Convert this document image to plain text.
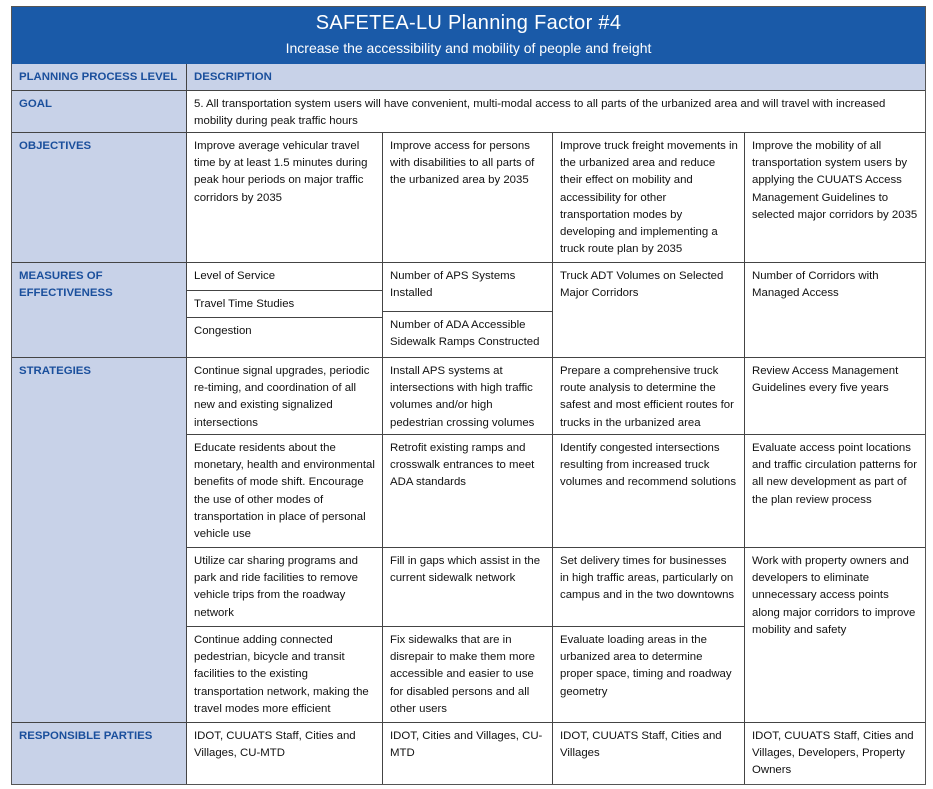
SAFETEA-LU Planning Factor #4
Increase the accessibility and mobility of people and freight
PLANNING PROCESS LEVEL	DESCRIPTION
GOAL
OBJECTIVES
MEASURES OF EFFECTIVENESS
STRATEGIES
RESPONSIBLE PARTIES
5. All transportation system users will have convenient, multi-modal access to all parts of the urbanized area and will travel with increased mobility during peak traffic hours
Improve average vehicular travel time by at least 1.5 minutes during peak hour periods on major traffic corridors by 2035
Improve access for persons with disabilities to all parts of the urbanized area by 2035
Improve truck freight movements in the urbanized area and reduce their effect on mobility and accessibility for other transportation modes by developing and implementing a truck route plan by 2035
Improve the mobility of all transportation system users by applying the CUUATS Access Management Guidelines to selected major corridors by 2035
Level of Service
Travel Time Studies
Congestion
Number of APS Systems Installed
Number of ADA Accessible Sidewalk Ramps Constructed
Truck ADT Volumes on Selected Major Corridors
Number of Corridors with Managed Access
Continue signal upgrades, periodic re-timing, and coordination of all new and existing signalized intersections
Educate residents about the monetary, health and environmental benefits of mode shift. Encourage the use of other modes of transportation in place of personal vehicle use
Utilize car sharing programs and park and ride facilities to remove vehicle trips from the roadway network
Continue adding connected pedestrian, bicycle and transit facilities to the existing transportation network, making the travel modes more efficient
Install APS systems at intersections with high traffic volumes and/or high pedestrian crossing volumes
Retrofit existing ramps and crosswalk entrances to meet ADA standards
Fill in gaps which assist in the current sidewalk network
Fix sidewalks that are in disrepair to make them more accessible and easier to use for disabled persons and all other users
Prepare a comprehensive truck route analysis to determine the safest and most efficient routes for trucks in the urbanized area
Identify congested intersections resulting from increased truck volumes and recommend solutions
Set delivery times for businesses in high traffic areas, particularly on campus and in the two downtowns
Evaluate loading areas in the urbanized area to determine proper space, timing and roadway geometry
Review Access Management Guidelines every five years
Evaluate access point locations and traffic circulation patterns for all new development as part of the plan review process
Work with property owners and developers to eliminate unnecessary access points along major corridors to improve mobility and safety
IDOT, CUUATS Staff, Cities and Villages, CU-MTD
IDOT, Cities and Villages, CU-MTD
IDOT, CUUATS Staff, Cities and Villages
IDOT, CUUATS Staff, Cities and Villages, Developers, Property Owners
